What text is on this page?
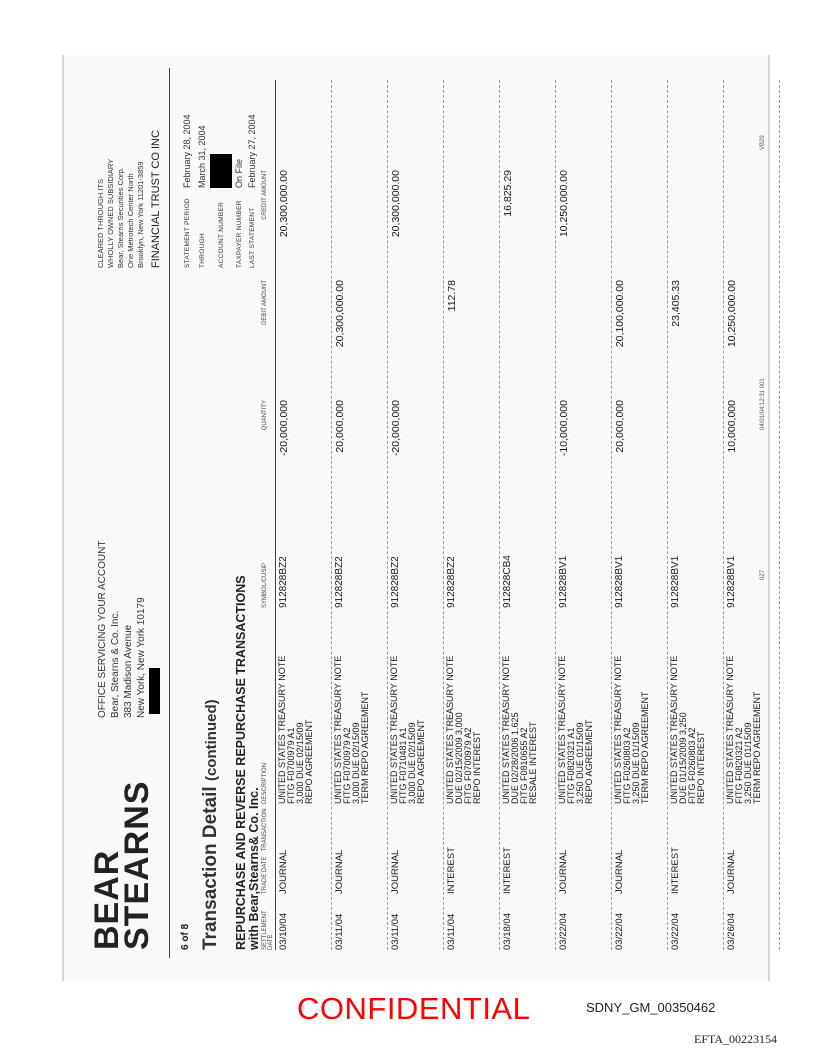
BEAR
STEARNS
OFFICE SERVICING YOUR ACCOUNT Bear, Stearns & Co. Inc. 383 Madison Avenue New York, New York 10179
CLEARED THROUGH ITS WHOLLY OWNED SUBSIDIARY Bear, Stearns Securities Corp. One Metrotech Center North Brooklyn, New York 11201-3859 FINANCIAL TRUST CO INC
6 of 8 Transaction Detail (continued)
STATEMENT PERIOD
February 28, 2004
THROUGH
March 31, 2004
ACCOUNT NUMBER	TAXPAYER NUMBER
On File
LAST STATEMENT
February 27, 2004
REPURCHASE AND REVERSE REPURCHASE TRANSACTIONS with Bear,Stearns& Co. Inc. SETTLEMENT DATE
TRADE DATE   TRANSACTION
DESCRIPTION
SYMBOL/CUSIP
QUANTITY
DEBIT AMOUNT
CREDIT AMOUNT
03/10/04
JOURNAL
UNITED STATES TREASURY NOTE FITG F0700979 A1 3,000 DUE 02/15/09 REPO AGREEMENT
912828BZ2
-20,000,000
20,300,000.00
03/11/04
JOURNAL
UNITED STATES TREASURY NOTE FITG F0700979 A2 3,000 DUE 02/15/09 TERM REPO AGREEMENT
912828BZ2
20,000,000
20,300,000.00
03/11/04
JOURNAL
UNITED STATES TREASURY NOTE FITG F0710481 A1 3,000 DUE 02/15/09 REPO AGREEMENT
912828BZ2
-20,000,000
20,300,000.00
03/11/04
INTEREST
UNITED STATES TREASURY NOTE DUE 02/15/2009 3,000 FITG F0700979 A2 REPO INTEREST
912828BZ2
112.78
03/18/04
INTEREST
UNITED STATES TREASURY NOTE DUE 02/28/2006 1.625 FITG F0810655 A2 RESALE INTEREST
912828CB4
16,825.29
03/22/04
JOURNAL
UNITED STATES TREASURY NOTE FITG F0820321 A1 3,250 DUE 01/15/09 REPO AGREEMENT
912828BV1
-10,000,000
10,250,000.00
03/22/04
JOURNAL
UNITED STATES TREASURY NOTE FITG F0260803 A2 3,250 DUE 01/15/09 TERM REPO AGREEMENT
912828BV1
20,000,000
20,100,000.00
03/22/04
INTEREST
UNITED STATES TREASURY NOTE DUE 01/15/2009 3,250 FITG F0260803 A2 REPO INTEREST
912828BV1
23,405.33
03/26/04
JOURNAL
UNITED STATES TREASURY NOTE FITG F0820321 A2 3,250 DUE 01/15/09 TERM REPO AGREEMENT
912828BV1
10,000,000
10,250,000.00
027
04/01/04:12:31 001
VB29
CONFIDENTIAL	SDNY_GM_00350462
EFTA_00223154
